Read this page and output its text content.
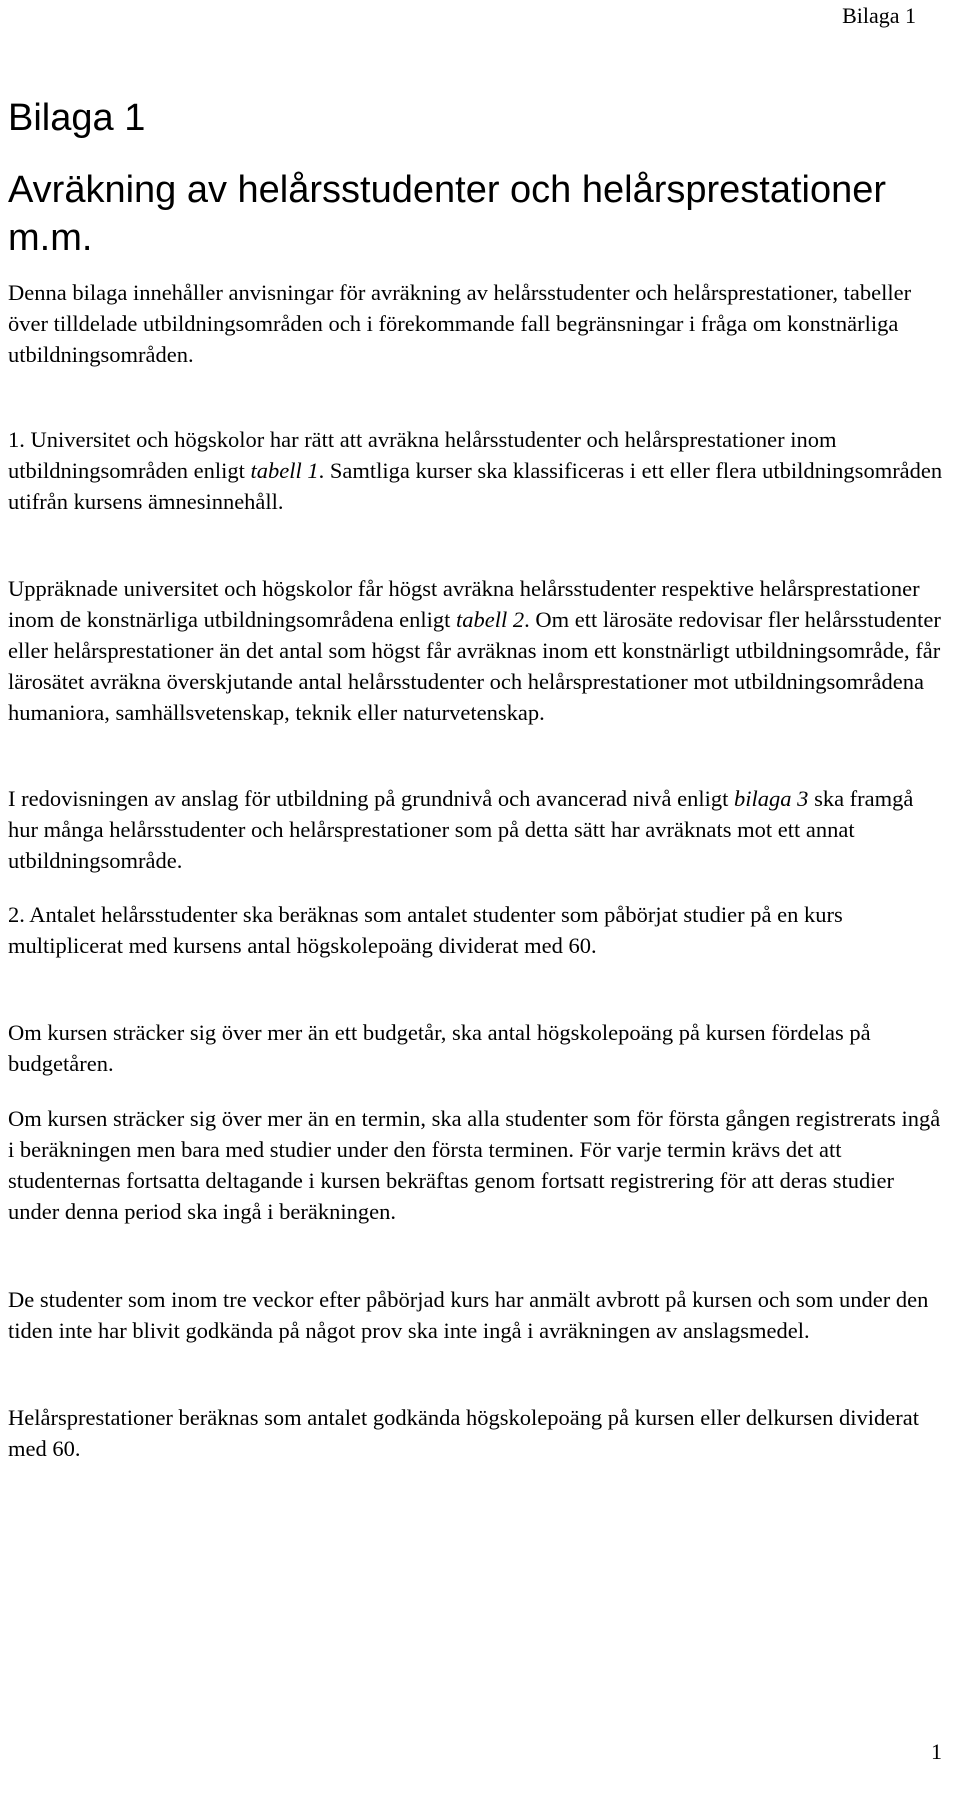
Bilaga 1
Bilaga 1
Avräkning av helårsstudenter och helårsprestationer m.m.

Denna bilaga innehåller anvisningar för avräkning av helårsstudenter och helårsprestationer, tabeller över tilldelade utbildningsområden och i förekommande fall begränsningar i fråga om konstnärliga utbildningsområden.

1. Universitet och högskolor har rätt att avräkna helårsstudenter och helårsprestationer inom utbildningsområden enligt tabell 1. Samtliga kurser ska klassificeras i ett eller flera utbildningsområden utifrån kursens ämnesinnehåll.

Uppräknade universitet och högskolor får högst avräkna helårsstudenter respektive helårsprestationer inom de konstnärliga utbildningsområdena enligt tabell 2. Om ett lärosäte redovisar fler helårsstudenter eller helårsprestationer än det antal som högst får avräknas inom ett konstnärligt utbildningsområde, får lärosätet avräkna överskjutande antal helårsstudenter och helårsprestationer mot utbildningsområdena humaniora, samhällsvetenskap, teknik eller naturvetenskap.

I redovisningen av anslag för utbildning på grundnivå och avancerad nivå enligt bilaga 3 ska framgå hur många helårsstudenter och helårsprestationer som på detta sätt har avräknats mot ett annat utbildningsområde.

2. Antalet helårsstudenter ska beräknas som antalet studenter som påbörjat studier på en kurs multiplicerat med kursens antal högskolepoäng dividerat med 60.

Om kursen sträcker sig över mer än ett budgetår, ska antal högskolepoäng på kursen fördelas på budgetåren.

Om kursen sträcker sig över mer än en termin, ska alla studenter som för första gången registrerats ingå i beräkningen men bara med studier under den första terminen. För varje termin krävs det att studenternas fortsatta deltagande i kursen bekräftas genom fortsatt registrering för att deras studier under denna period ska ingå i beräkningen.

De studenter som inom tre veckor efter påbörjad kurs har anmält avbrott på kursen och som under den tiden inte har blivit godkända på något prov ska inte ingå i avräkningen av anslagsmedel.

Helårsprestationer beräknas som antalet godkända högskolepoäng på kursen eller delkursen dividerat med 60.

1
